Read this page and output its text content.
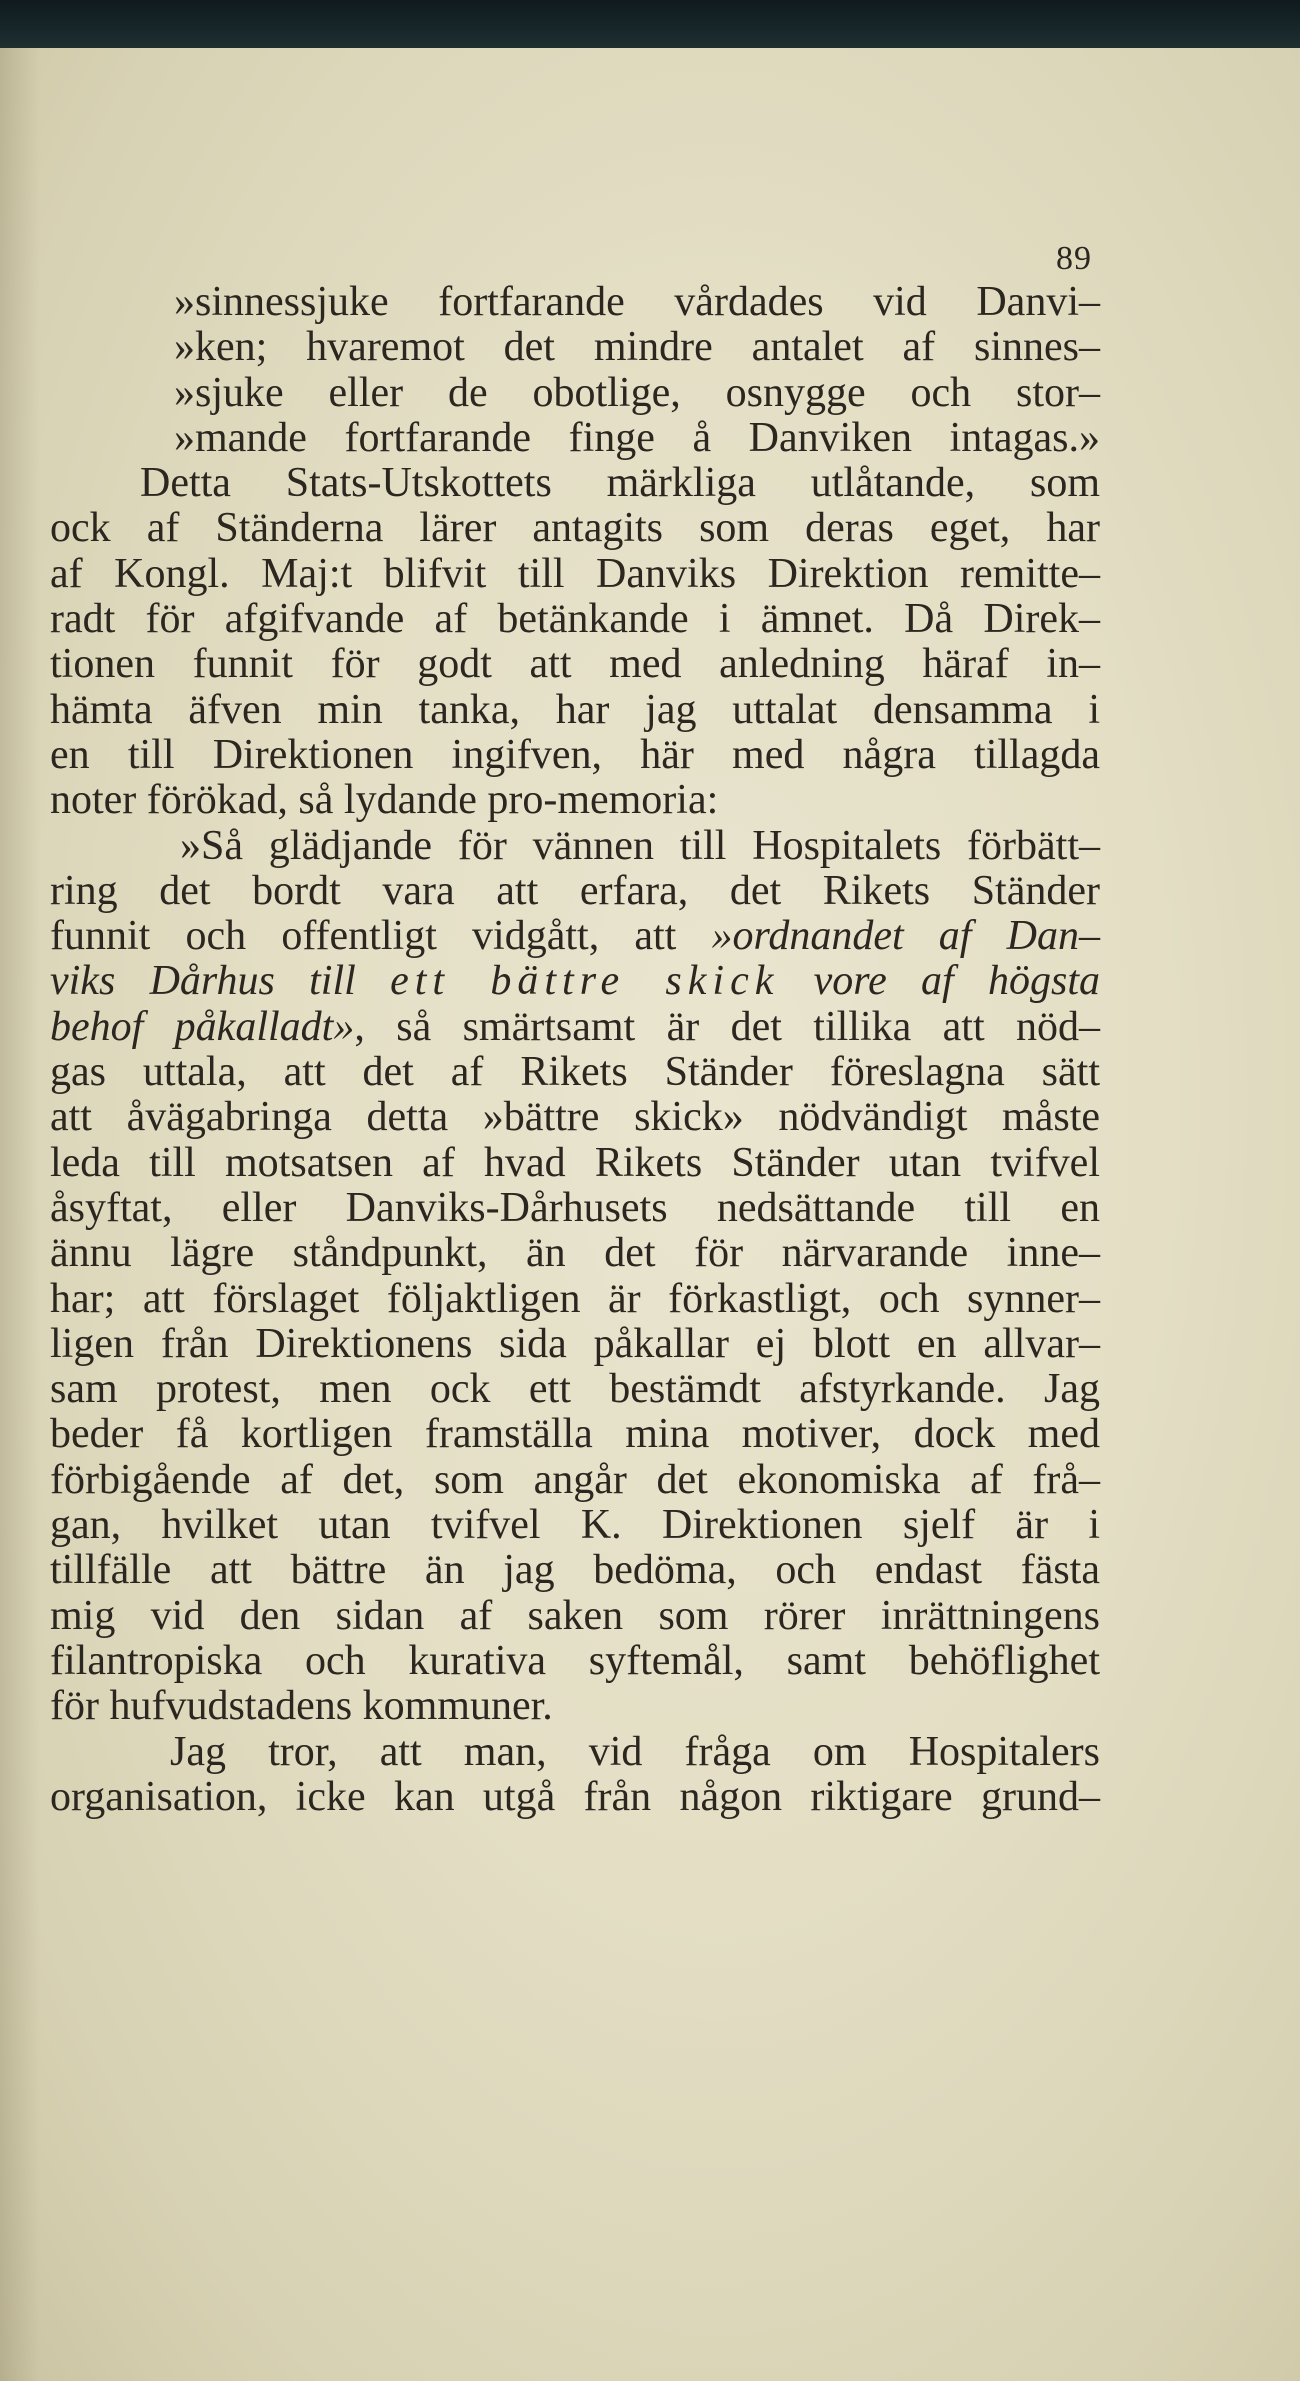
89
»sinnessjuke fortfarande vårdades vid Danvi–
»ken; hvaremot det mindre antalet af sinnes–
»sjuke eller de obotlige, osnygge och stor–
»mande fortfarande finge å Danviken intagas.»
Detta Stats-Utskottets märkliga utlåtande, som
ock af Ständerna lärer antagits som deras eget, har
af Kongl. Maj:t blifvit till Danviks Direktion remitte–
radt för afgifvande af betänkande i ämnet. Då Direk–
tionen funnit för godt att med anledning häraf in–
hämta äfven min tanka, har jag uttalat densamma i
en till Direktionen ingifven, här med några tillagda
noter förökad, så lydande pro-memoria:
»Så glädjande för vännen till Hospitalets förbätt–
ring det bordt vara att erfara, det Rikets Ständer
funnit och offentligt vidgått, att »ordnandet af Dan–
viks Dårhus till ett bättre skick vore af högsta
behof påkalladt», så smärtsamt är det tillika att nöd–
gas uttala, att det af Rikets Ständer föreslagna sätt
att åvägabringa detta »bättre skick» nödvändigt måste
leda till motsatsen af hvad Rikets Ständer utan tvifvel
åsyftat, eller Danviks-Dårhusets nedsättande till en
ännu lägre ståndpunkt, än det för närvarande inne–
har; att förslaget följaktligen är förkastligt, och synner–
ligen från Direktionens sida påkallar ej blott en allvar–
sam protest, men ock ett bestämdt afstyrkande. Jag
beder få kortligen framställa mina motiver, dock med
förbigående af det, som angår det ekonomiska af frå–
gan, hvilket utan tvifvel K. Direktionen sjelf är i
tillfälle att bättre än jag bedöma, och endast fästa
mig vid den sidan af saken som rörer inrättningens
filantropiska och kurativa syftemål, samt behöflighet
för hufvudstadens kommuner.
Jag tror, att man, vid fråga om Hospitalers
organisation, icke kan utgå från någon riktigare grund–
